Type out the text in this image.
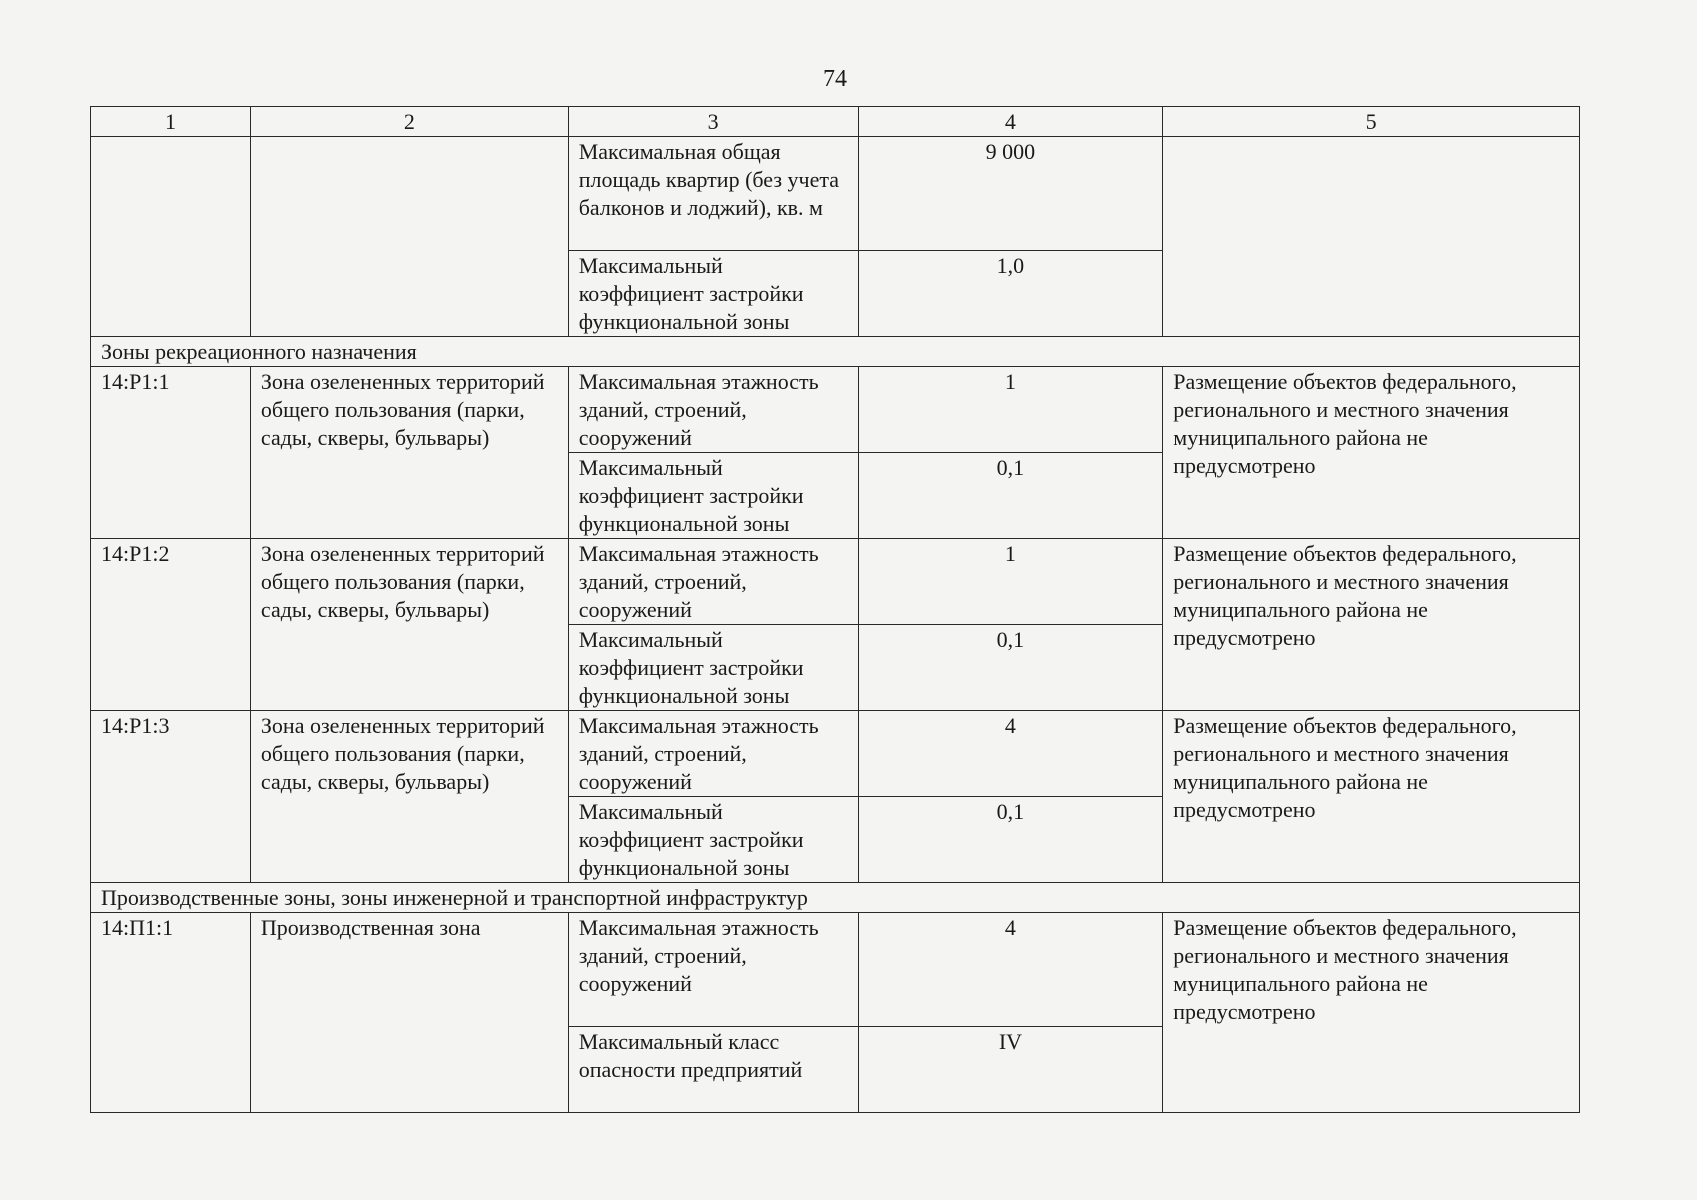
74
1	2	3	4	5
		Максимальная общая площадь квартир (без учета балконов и лоджий), кв. м	9 000	
		Максимальный коэффициент застройки функциональной зоны	1,0	
Зоны рекреационного назначения				
14:Р1:1	Зона озелененных территорий общего пользования (парки, сады, скверы, бульвары)	Максимальная этажность зданий, строений, сооружений	1	Размещение объектов федерального, регионального и местного значения муниципального района не предусмотрено
		Максимальный коэффициент застройки функциональной зоны	0,1	
14:Р1:2	Зона озелененных территорий общего пользования (парки, сады, скверы, бульвары)	Максимальная этажность зданий, строений, сооружений	1	Размещение объектов федерального, регионального и местного значения муниципального района не предусмотрено
		Максимальный коэффициент застройки функциональной зоны	0,1	
14:Р1:3	Зона озелененных территорий общего пользования (парки, сады, скверы, бульвары)	Максимальная этажность зданий, строений, сооружений	4	Размещение объектов федерального, регионального и местного значения муниципального района не предусмотрено
		Максимальный коэффициент застройки функциональной зоны	0,1	
Производственные зоны, зоны инженерной и транспортной инфраструктур				
14:П1:1	Производственная зона	Максимальная этажность зданий, строений, сооружений	4	Размещение объектов федерального, регионального и местного значения муниципального района не предусмотрено
		Максимальный класс опасности предприятий	IV	
